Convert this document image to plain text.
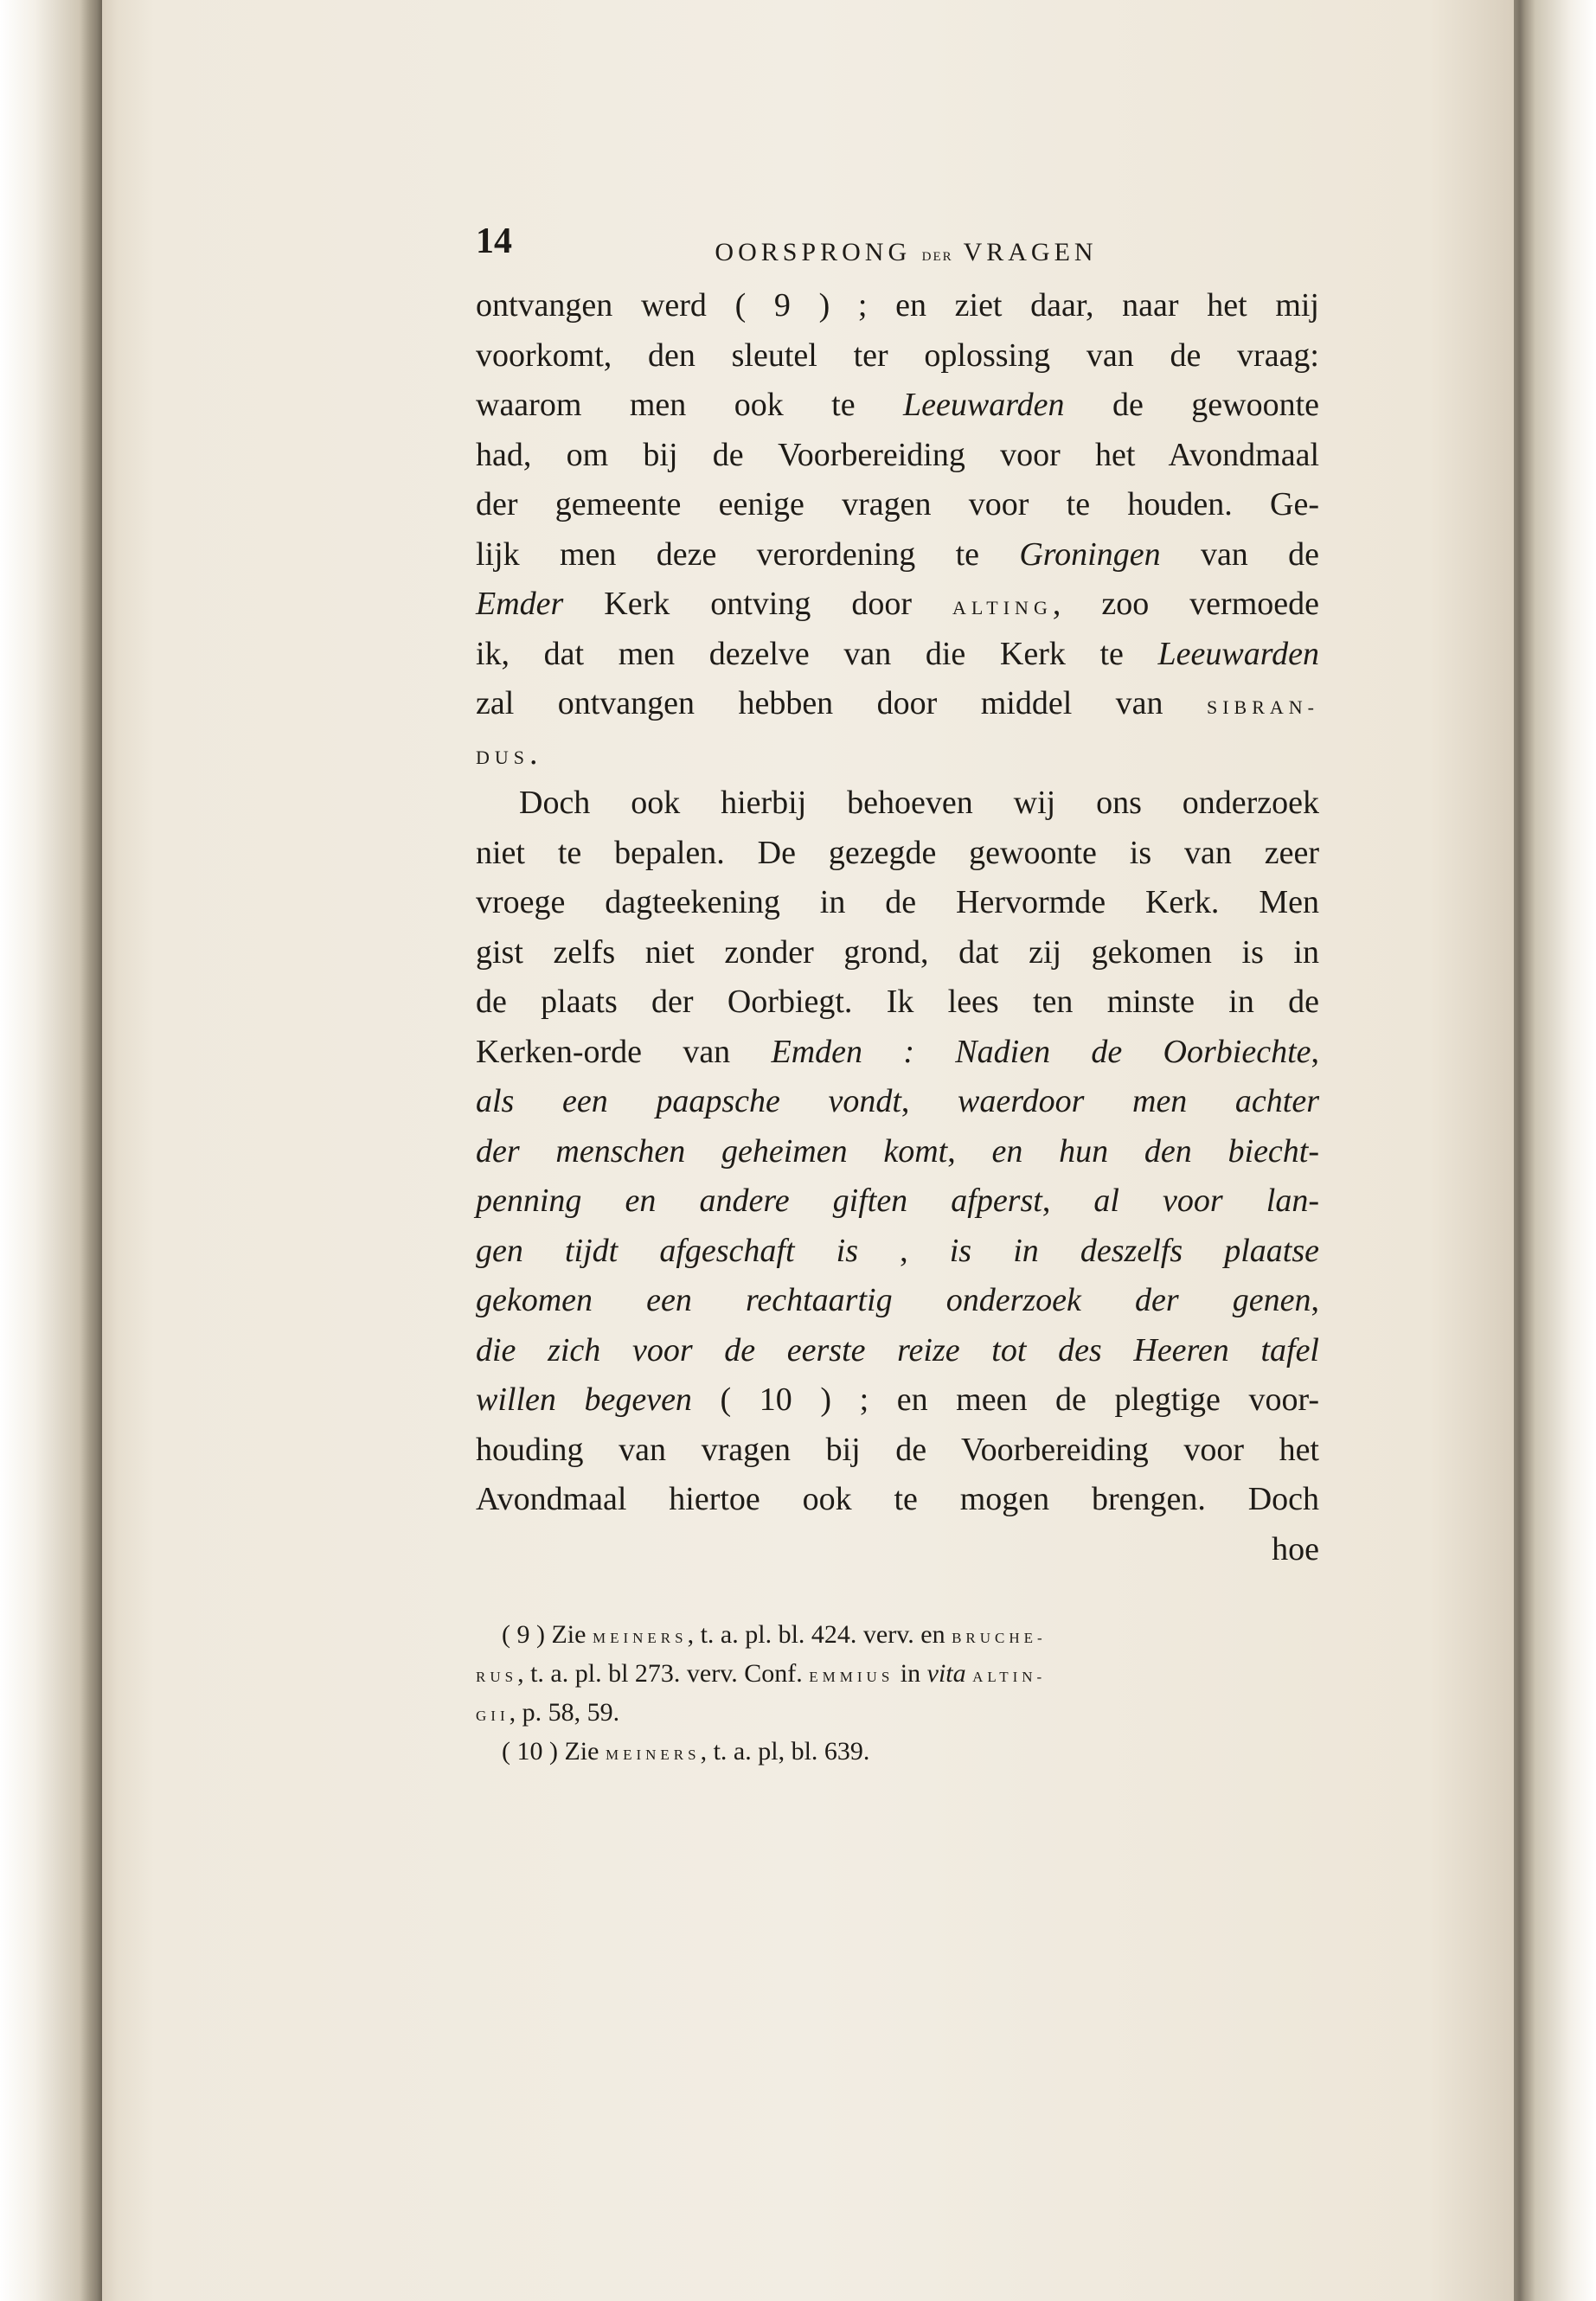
14	OORSPRONG DER VRAGEN
ontvangen werd ( 9 ) ; en ziet daar, naar het mij
voorkomt, den sleutel ter oplossing van de vraag:
waarom men ook te Leeuwarden de gewoonte
had, om bij de Voorbereiding voor het Avondmaal
der gemeente eenige vragen voor te houden. Ge-
lijk men deze verordening te Groningen van de
Emder Kerk ontving door ALTING, zoo vermoede
ik, dat men dezelve van die Kerk te Leeuwarden
zal ontvangen hebben door middel van SIBRAN-
DUS.
Doch ook hierbij behoeven wij ons onderzoek
niet te bepalen. De gezegde gewoonte is van zeer
vroege dagteekening in de Hervormde Kerk. Men
gist zelfs niet zonder grond, dat zij gekomen is in
de plaats der Oorbiegt. Ik lees ten minste in de
Kerken-orde van Emden : Nadien de Oorbiechte,
als een paapsche vondt, waerdoor men achter
der menschen geheimen komt, en hun den biecht-
penning en andere giften afperst, al voor lan-
gen tijdt afgeschaft is , is in deszelfs plaatse
gekomen een rechtaartig onderzoek der genen,
die zich voor de eerste reize tot des Heeren tafel
willen begeven ( 10 ) ; en meen de plegtige voor-
houding van vragen bij de Voorbereiding voor het
Avondmaal hiertoe ook te mogen brengen. Doch
hoe
( 9 ) Zie MEINERS, t. a. pl. bl. 424. verv. en BRUCHE-
RUS, t. a. pl. bl 273. verv. Conf. EMMIUS in vita ALTIN-
GII, p. 58, 59.
( 10 ) Zie MEINERS, t. a. pl, bl. 639.
